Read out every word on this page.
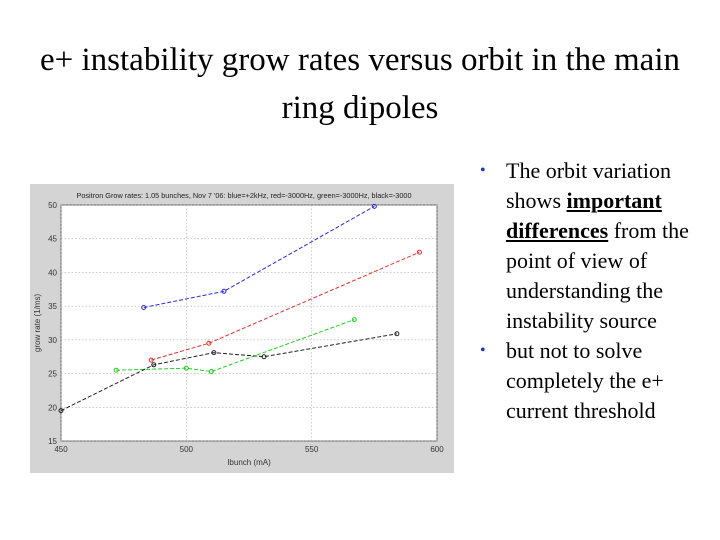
e+ instability grow rates versus orbit in the main ring dipoles
Positron Grow rates: 1.05 bunches, Nov 7 '06: blue=+2kHz, red=-3000Hz, green=-3000Hz, black=-3000
450	500	550	600
15
20
25
30
35
40
45
50
Ibunch (mA)
grow rate (1/ms)
• The orbit variation shows important differences from the point of view of understanding the instability source
• but not to solve completely the e+ current threshold
